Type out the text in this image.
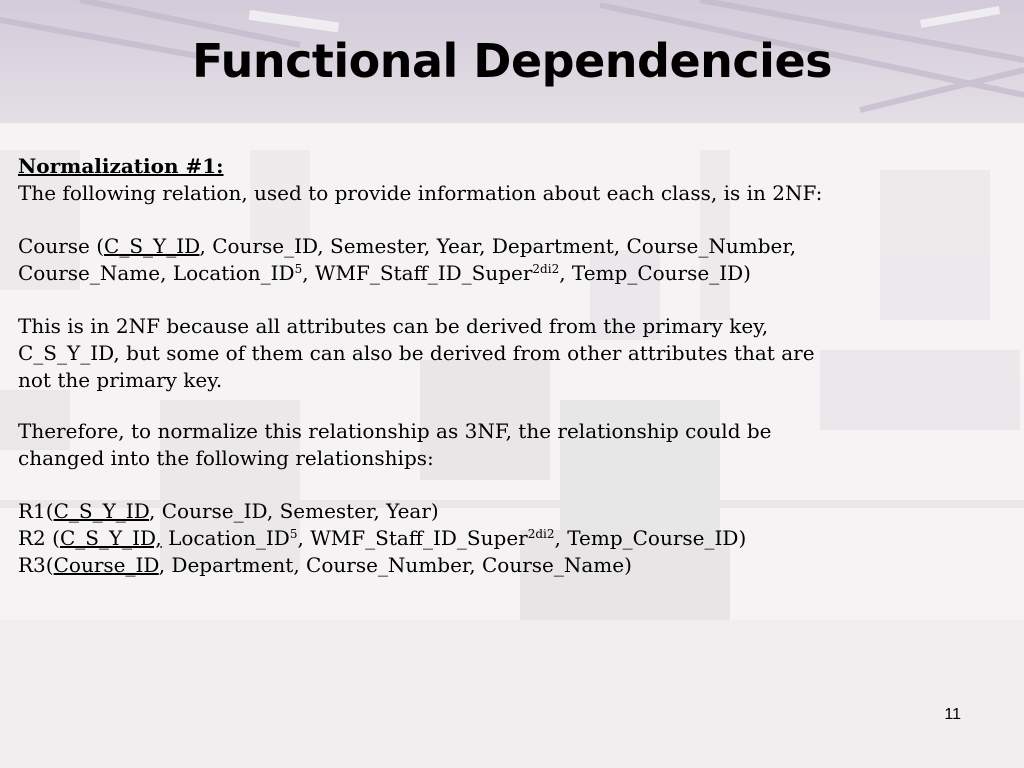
Functional Dependencies

Normalization #1:

The following relation, used to provide information about each class, is in 2NF:

Course (C_S_Y_ID, Course_ID, Semester, Year, Department, Course_Number,

Course_Name, $Location\_ID^5$, WMF_Staff_ID_Super$^{2di2}$, Temp_Course_ID)

This is in 2NF because all attributes can be derived from the primary key,

C_S_Y_ID, but some of them can also be derived from other attributes that are

not the primary key.

Therefore, to normalize this relationship as 3NF, the relationship could be

changed into the following relationships:

R1(C_S_Y_ID, Course_ID, Semester, Year)

R2 (C_S_Y_ID, $Location\_ID^5$, WMF_Staff_ID_Super$^{2di2}$, Temp_Course_ID)

R3(Course_ID, Department, Course_Number, Course_Name)

11
